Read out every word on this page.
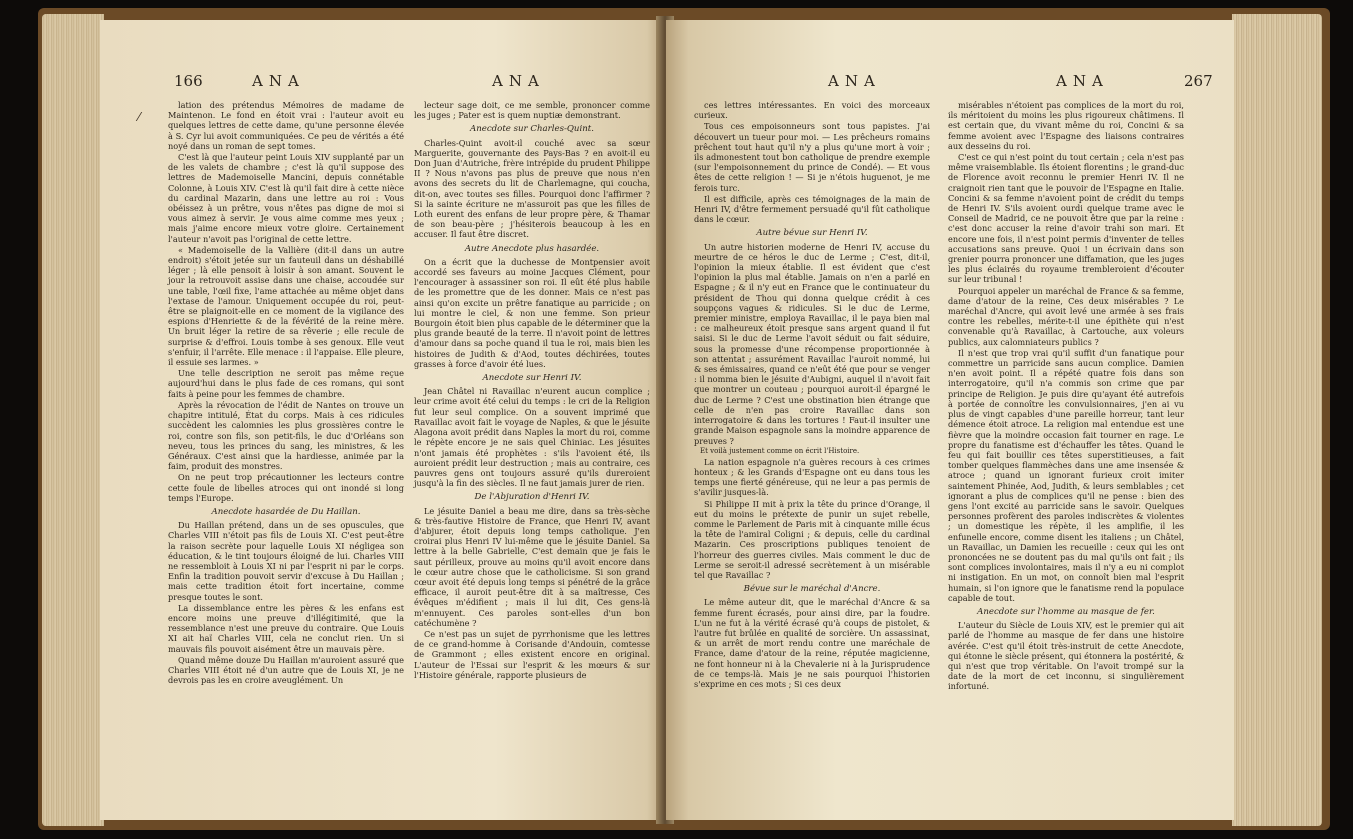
166	ANA	ANA
⁄

lation des prétendus Mémoires de madame de Maintenon. Le fond en étoit vrai : l'auteur avoit eu quelques lettres de cette dame, qu'une personne élevée à S. Cyr lui avoit communiquées. Ce peu de vérités a été noyé dans un roman de sept tomes.

C'est là que l'auteur peint Louis XIV supplanté par un de les valets de chambre ; c'est là qu'il suppose des lettres de Mademoiselle Mancini, depuis connétable Colonne, à Louis XIV. C'est là qu'il fait dire à cette nièce du cardinal Mazarin, dans une lettre au roi : Vous obéissez à un prêtre, vous n'êtes pas digne de moi si vous aimez à servir. Je vous aime comme mes yeux ; mais j'aime encore mieux votre gloire. Certainement l'auteur n'avoit pas l'original de cette lettre.

« Mademoiselle de la Vallière (dit-il dans un autre endroit) s'étoit jetée sur un fauteuil dans un déshabillé léger ; là elle pensoit à loisir à son amant. Souvent le jour la retrouvoit assise dans une chaise, accoudée sur une table, l'œil fixe, l'ame attachée au même objet dans l'extase de l'amour. Uniquement occupée du roi, peut-être se plaignoit-elle en ce moment de la vigilance des espions d'Henriette & de la févérité de la reine mère. Un bruit léger la retire de sa rêverie ; elle recule de surprise & d'effroi. Louis tombe à ses genoux. Elle veut s'enfuir, il l'arrête. Elle menace : il l'appaise. Elle pleure, il essuie ses larmes. »

Une telle description ne seroit pas même reçue aujourd'hui dans le plus fade de ces romans, qui sont faits à peine pour les femmes de chambre.

Après la révocation de l'édit de Nantes on trouve un chapitre intitulé, État du corps. Mais à ces ridicules succèdent les calomnies les plus grossières contre le roi, contre son fils, son petit-fils, le duc d'Orléans son neveu, tous les princes du sang, les ministres, & les Généraux. C'est ainsi que la hardiesse, animée par la faim, produit des monstres.

On ne peut trop précautionner les lecteurs contre cette foule de libelles atroces qui ont inondé si long temps l'Europe.

Anecdote hasardée de Du Haillan.

Du Haillan prétend, dans un de ses opuscules, que Charles VIII n'étoit pas fils de Louis XI. C'est peut-être la raison secrète pour laquelle Louis XI négligea son éducation, & le tint toujours éloigné de lui. Charles VIII ne ressembloit à Louis XI ni par l'esprit ni par le corps. Enfin la tradition pouvoit servir d'excuse à Du Haillan ; mais cette tradition étoit fort incertaine, comme presque toutes le sont.

La dissemblance entre les pères & les enfans est encore moins une preuve d'illégitimité, que la ressemblance n'est une preuve du contraire. Que Louis XI ait haï Charles VIII, cela ne conclut rien. Un si mauvais fils pouvoit aisément être un mauvais père.

Quand même douze Du Haillan m'auroient assuré que Charles VIII étoit né d'un autre que de Louis XI, je ne devrois pas les en croire aveuglément. Un

lecteur sage doit, ce me semble, prononcer comme les juges ; Pater est is quem nuptiæ demonstrant.

Anecdote sur Charles-Quint.

Charles-Quint avoit-il couché avec sa sœur Marguerite, gouvernante des Pays-Bas ? en avoit-il eu Don Juan d'Autriche, frère intrépide du prudent Philippe II ? Nous n'avons pas plus de preuve que nous n'en avons des secrets du lit de Charlemagne, qui coucha, dit-on, avec toutes ses filles. Pourquoi donc l'affirmer ? Si la sainte écriture ne m'assuroit pas que les filles de Loth eurent des enfans de leur propre père, & Thamar de son beau-père ; j'hésiterois beaucoup à les en accuser. Il faut être discret.

Autre Anecdote plus hasardée.

On a écrit que la duchesse de Montpensier avoit accordé ses faveurs au moine Jacques Clément, pour l'encourager à assassiner son roi. Il eût été plus habile de les promettre que de les donner. Mais ce n'est pas ainsi qu'on excite un prêtre fanatique au parricide ; on lui montre le ciel, & non une femme. Son prieur Bourgoin étoit bien plus capable de le déterminer que la plus grande beauté de la terre. Il n'avoit point de lettres d'amour dans sa poche quand il tua le roi, mais bien les histoires de Judith & d'Aod, toutes déchirées, toutes grasses à force d'avoir été lues.

Anecdote sur Henri IV.

Jean Châtel ni Ravaillac n'eurent aucun complice ; leur crime avoit été celui du temps : le cri de la Religion fut leur seul complice. On a souvent imprimé que Ravaillac avoit fait le voyage de Naples, & que le jésuite Alagona avoit prédit dans Naples la mort du roi, comme le répète encore je ne sais quel Chiniac. Les jésuites n'ont jamais été prophètes : s'ils l'avoient été, ils auroient prédit leur destruction ; mais au contraire, ces pauvres gens ont toujours assuré qu'ils dureroient jusqu'à la fin des siècles. Il ne faut jamais jurer de rien.

De l'Abjuration d'Henri IV.

Le jésuite Daniel a beau me dire, dans sa très-sèche & très-fautive Histoire de France, que Henri IV, avant d'abjurer, étoit depuis long temps catholique. J'en croirai plus Henri IV lui-même que le jésuite Daniel. Sa lettre à la belle Gabrielle, C'est demain que je fais le saut périlleux, prouve au moins qu'il avoit encore dans le cœur autre chose que le catholicisme. Si son grand cœur avoit été depuis long temps si pénétré de la grâce efficace, il auroit peut-être dit à sa maîtresse, Ces évêques m'édifient ; mais il lui dit, Ces gens-là m'ennuyent. Ces paroles sont-elles d'un bon catéchumène ?

Ce n'est pas un sujet de pyrrhonisme que les lettres de ce grand-homme à Corisande d'Andouin, comtesse de Grammont ; elles existent encore en original. L'auteur de l'Essai sur l'esprit & les mœurs & sur l'Histoire générale, rapporte plusieurs de

ANA	ANA	267

ces lettres intéressantes. En voici des morceaux curieux.

Tous ces empoisonneurs sont tous papistes. J'ai découvert un tueur pour moi. — Les prêcheurs romains prêchent tout haut qu'il n'y a plus qu'une mort à voir ; ils admonestent tout bon catholique de prendre exemple (sur l'empoisonnement du prince de Condé). — Et vous êtes de cette religion ! — Si je n'étois huguenot, je me ferois turc.

Il est difficile, après ces témoignages de la main de Henri IV, d'être fermement persuadé qu'il fût catholique dans le cœur.

Autre bévue sur Henri IV.

Un autre historien moderne de Henri IV, accuse du meurtre de ce héros le duc de Lerme ; C'est, dit-il, l'opinion la mieux établie. Il est évident que c'est l'opinion la plus mal établie. Jamais on n'en a parlé en Espagne ; & il n'y eut en France que le continuateur du président de Thou qui donna quelque crédit à ces soupçons vagues & ridicules. Si le duc de Lerme, premier ministre, employa Ravaillac, il le paya bien mal : ce malheureux étoit presque sans argent quand il fut saisi. Si le duc de Lerme l'avoit séduit ou fait séduire, sous la promesse d'une récompense proportionnée à son attentat ; assurément Ravaillac l'auroit nommé, lui & ses émissaires, quand ce n'eût été que pour se venger : il nomma bien le jésuite d'Aubigni, auquel il n'avoit fait que montrer un couteau ; pourquoi auroit-il épargné le duc de Lerme ? C'est une obstination bien étrange que celle de n'en pas croire Ravaillac dans son interrogatoire & dans les tortures ! Faut-il insulter une grande Maison espagnole sans la moindre apparence de preuves ?

Et voilà justement comme on écrit l'Histoire.

La nation espagnole n'a guères recours à ces crimes honteux ; & les Grands d'Espagne ont eu dans tous les temps une fierté généreuse, qui ne leur a pas permis de s'avilir jusques-là.

Si Philippe II mit à prix la tête du prince d'Orange, il eut du moins le prétexte de punir un sujet rebelle, comme le Parlement de Paris mit à cinquante mille écus la tête de l'amiral Coligni ; & depuis, celle du cardinal Mazarin. Ces proscriptions publiques tenoient de l'horreur des guerres civiles. Mais comment le duc de Lerme se seroit-il adressé secrètement à un misérable tel que Ravaillac ?

Bévue sur le maréchal d'Ancre.

Le même auteur dit, que le maréchal d'Ancre & sa femme furent écrasés, pour ainsi dire, par la foudre. L'un ne fut à la vérité écrasé qu'à coups de pistolet, & l'autre fut brûlée en qualité de sorcière. Un assassinat, & un arrêt de mort rendu contre une maréchale de France, dame d'atour de la reine, réputée magicienne, ne font honneur ni à la Chevalerie ni à la Jurisprudence de ce temps-là. Mais je ne sais pourquoi l'historien s'exprime en ces mots ; Si ces deux

misérables n'étoient pas complices de la mort du roi, ils méritoient du moins les plus rigoureux châtimens. Il est certain que, du vivant même du roi, Concini & sa femme avoient avec l'Espagne des liaisons contraires aux desseins du roi.

C'est ce qui n'est point du tout certain ; cela n'est pas même vraisemblable. Ils étoient florentins ; le grand-duc de Florence avoit reconnu le premier Henri IV. Il ne craignoit rien tant que le pouvoir de l'Espagne en Italie. Concini & sa femme n'avoient point de crédit du temps de Henri IV. S'ils avoient ourdi quelque trame avec le Conseil de Madrid, ce ne pouvoit être que par la reine : c'est donc accuser la reine d'avoir trahi son mari. Et encore une fois, il n'est point permis d'inventer de telles accusations sans preuve. Quoi ! un écrivain dans son grenier pourra prononcer une diffamation, que les juges les plus éclairés du royaume trembleroient d'écouter sur leur tribunal !

Pourquoi appeler un maréchal de France & sa femme, dame d'atour de la reine, Ces deux misérables ? Le maréchal d'Ancre, qui avoit levé une armée à ses frais contre les rebelles, mérite-t-il une épithète qui n'est convenable qu'à Ravaillac, à Cartouche, aux voleurs publics, aux calomniateurs publics ?

Il n'est que trop vrai qu'il suffit d'un fanatique pour commettre un parricide sans aucun complice. Damien n'en avoit point. Il a répété quatre fois dans son interrogatoire, qu'il n'a commis son crime que par principe de Religion. Je puis dire qu'ayant été autrefois à portée de connoître les convulsionnaires, j'en ai vu plus de vingt capables d'une pareille horreur, tant leur démence étoit atroce. La religion mal entendue est une fièvre que la moindre occasion fait tourner en rage. Le propre du fanatisme est d'échauffer les têtes. Quand le feu qui fait bouillir ces têtes superstitieuses, a fait tomber quelques flammèches dans une ame insensée & atroce ; quand un ignorant furieux croit imiter saintement Phinée, Aod, Judith, & leurs semblables ; cet ignorant a plus de complices qu'il ne pense : bien des gens l'ont excité au parricide sans le savoir. Quelques personnes profèrent des paroles indiscrètes & violentes ; un domestique les répète, il les amplifie, il les enfunelle encore, comme disent les italiens ; un Châtel, un Ravaillac, un Damien les recueille : ceux qui les ont prononcées ne se doutent pas du mal qu'ils ont fait ; ils sont complices involontaires, mais il n'y a eu ni complot ni instigation. En un mot, on connoît bien mal l'esprit humain, si l'on ignore que le fanatisme rend la populace capable de tout.

Anecdote sur l'homme au masque de fer.

L'auteur du Siècle de Louis XIV, est le premier qui ait parlé de l'homme au masque de fer dans une histoire avérée. C'est qu'il étoit très-instruit de cette Anecdote, qui étonne le siècle présent, qui étonnera la postérité, & qui n'est que trop véritable. On l'avoit trompé sur la date de la mort de cet inconnu, si singulièrement infortuné.
